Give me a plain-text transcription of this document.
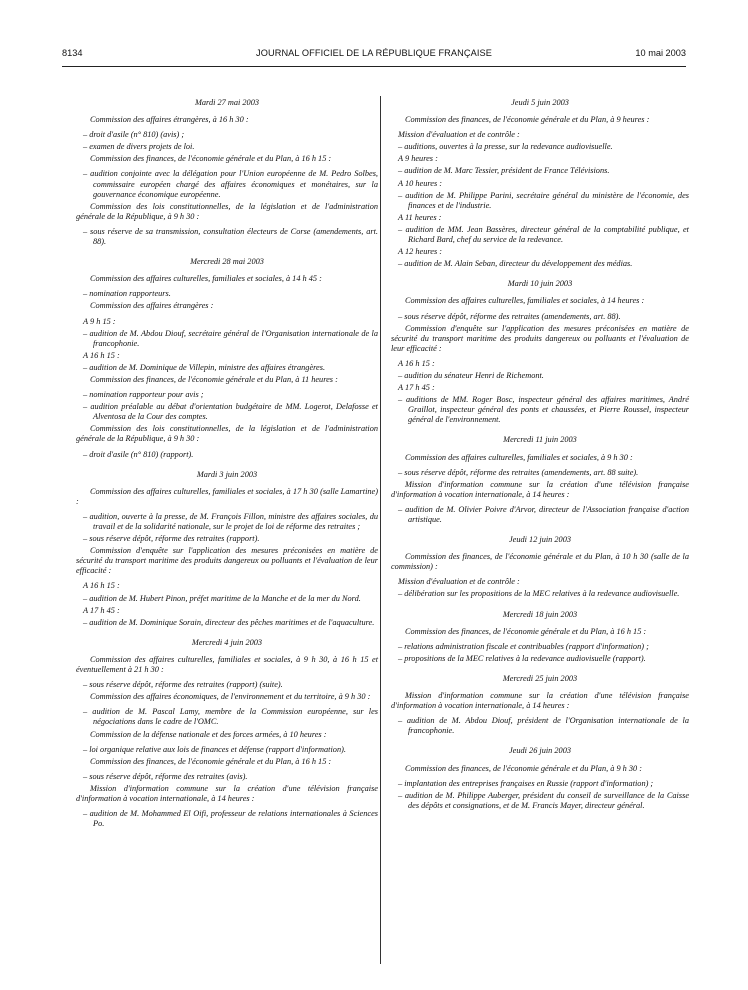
8134	JOURNAL OFFICIEL DE LA RÉPUBLIQUE FRANÇAISE	10 mai 2003
Mardi 27 mai 2003
Commission des affaires étrangères, à 16 h 30 :
– droit d'asile (n° 810) (avis) ;
– examen de divers projets de loi.
Commission des finances, de l'économie générale et du Plan, à 16 h 15 :
– audition conjointe avec la délégation pour l'Union européenne de M. Pedro Solbes, commissaire européen chargé des affaires économiques et monétaires, sur la gouvernance économique européenne.
Commission des lois constitutionnelles, de la législation et de l'administration générale de la République, à 9 h 30 :
– sous réserve de sa transmission, consultation électeurs de Corse (amendements, art. 88).
Mercredi 28 mai 2003
Commission des affaires culturelles, familiales et sociales, à 14 h 45 :
– nomination rapporteurs.
Commission des affaires étrangères :
A 9 h 15 :
– audition de M. Abdou Diouf, secrétaire général de l'Organisation internationale de la francophonie.
A 16 h 15 :
– audition de M. Dominique de Villepin, ministre des affaires étrangères.
Commission des finances, de l'économie générale et du Plan, à 11 heures :
– nomination rapporteur pour avis ;
– audition préalable au débat d'orientation budgétaire de MM. Logerot, Delafosse et Alventosa de la Cour des comptes.
Commission des lois constitutionnelles, de la législation et de l'administration générale de la République, à 9 h 30 :
– droit d'asile (n° 810) (rapport).
Mardi 3 juin 2003
Commission des affaires culturelles, familiales et sociales, à 17 h 30 (salle Lamartine) :
– audition, ouverte à la presse, de M. François Fillon, ministre des affaires sociales, du travail et de la solidarité nationale, sur le projet de loi de réforme des retraites ;
– sous réserve dépôt, réforme des retraites (rapport).
Commission d'enquête sur l'application des mesures préconisées en matière de sécurité du transport maritime des produits dangereux ou polluants et l'évaluation de leur efficacité :
A 16 h 15 :
– audition de M. Hubert Pinon, préfet maritime de la Manche et de la mer du Nord.
A 17 h 45 :
– audition de M. Dominique Sorain, directeur des pêches maritimes et de l'aquaculture.
Mercredi 4 juin 2003
Commission des affaires culturelles, familiales et sociales, à 9 h 30, à 16 h 15 et éventuellement à 21 h 30 :
– sous réserve dépôt, réforme des retraites (rapport) (suite).
Commission des affaires économiques, de l'environnement et du territoire, à 9 h 30 :
– audition de M. Pascal Lamy, membre de la Commission européenne, sur les négociations dans le cadre de l'OMC.
Commission de la défense nationale et des forces armées, à 10 heures :
– loi organique relative aux lois de finances et défense (rapport d'information).
Commission des finances, de l'économie générale et du Plan, à 16 h 15 :
– sous réserve dépôt, réforme des retraites (avis).
Mission d'information commune sur la création d'une télévision française d'information à vocation internationale, à 14 heures :
– audition de M. Mohammed El Oifi, professeur de relations internationales à Sciences Po.
Jeudi 5 juin 2003
Commission des finances, de l'économie générale et du Plan, à 9 heures :
Mission d'évaluation et de contrôle :
– auditions, ouvertes à la presse, sur la redevance audiovisuelle.
A 9 heures :
– audition de M. Marc Tessier, président de France Télévisions.
A 10 heures :
– audition de M. Philippe Parini, secrétaire général du ministère de l'économie, des finances et de l'industrie.
A 11 heures :
– audition de MM. Jean Bassères, directeur général de la comptabilité publique, et Richard Bard, chef du service de la redevance.
A 12 heures :
– audition de M. Alain Seban, directeur du développement des médias.
Mardi 10 juin 2003
Commission des affaires culturelles, familiales et sociales, à 14 heures :
– sous réserve dépôt, réforme des retraites (amendements, art. 88).
Commission d'enquête sur l'application des mesures préconisées en matière de sécurité du transport maritime des produits dangereux ou polluants et l'évaluation de leur efficacité :
A 16 h 15 :
– audition du sénateur Henri de Richemont.
A 17 h 45 :
– auditions de MM. Roger Bosc, inspecteur général des affaires maritimes, André Graillot, inspecteur général des ponts et chaussées, et Pierre Roussel, inspecteur général de l'environnement.
Mercredi 11 juin 2003
Commission des affaires culturelles, familiales et sociales, à 9 h 30 :
– sous réserve dépôt, réforme des retraites (amendements, art. 88 suite).
Mission d'information commune sur la création d'une télévision française d'information à vocation internationale, à 14 heures :
– audition de M. Olivier Poivre d'Arvor, directeur de l'Association française d'action artistique.
Jeudi 12 juin 2003
Commission des finances, de l'économie générale et du Plan, à 10 h 30 (salle de la commission) :
Mission d'évaluation et de contrôle :
– délibération sur les propositions de la MEC relatives à la redevance audiovisuelle.
Mercredi 18 juin 2003
Commission des finances, de l'économie générale et du Plan, à 16 h 15 :
– relations administration fiscale et contribuables (rapport d'information) ;
– propositions de la MEC relatives à la redevance audiovisuelle (rapport).
Mercredi 25 juin 2003
Mission d'information commune sur la création d'une télévision française d'information à vocation internationale, à 14 heures :
– audition de M. Abdou Diouf, président de l'Organisation internationale de la francophonie.
Jeudi 26 juin 2003
Commission des finances, de l'économie générale et du Plan, à 9 h 30 :
– implantation des entreprises françaises en Russie (rapport d'information) ;
– audition de M. Philippe Auberger, président du conseil de surveillance de la Caisse des dépôts et consignations, et de M. Francis Mayer, directeur général.
